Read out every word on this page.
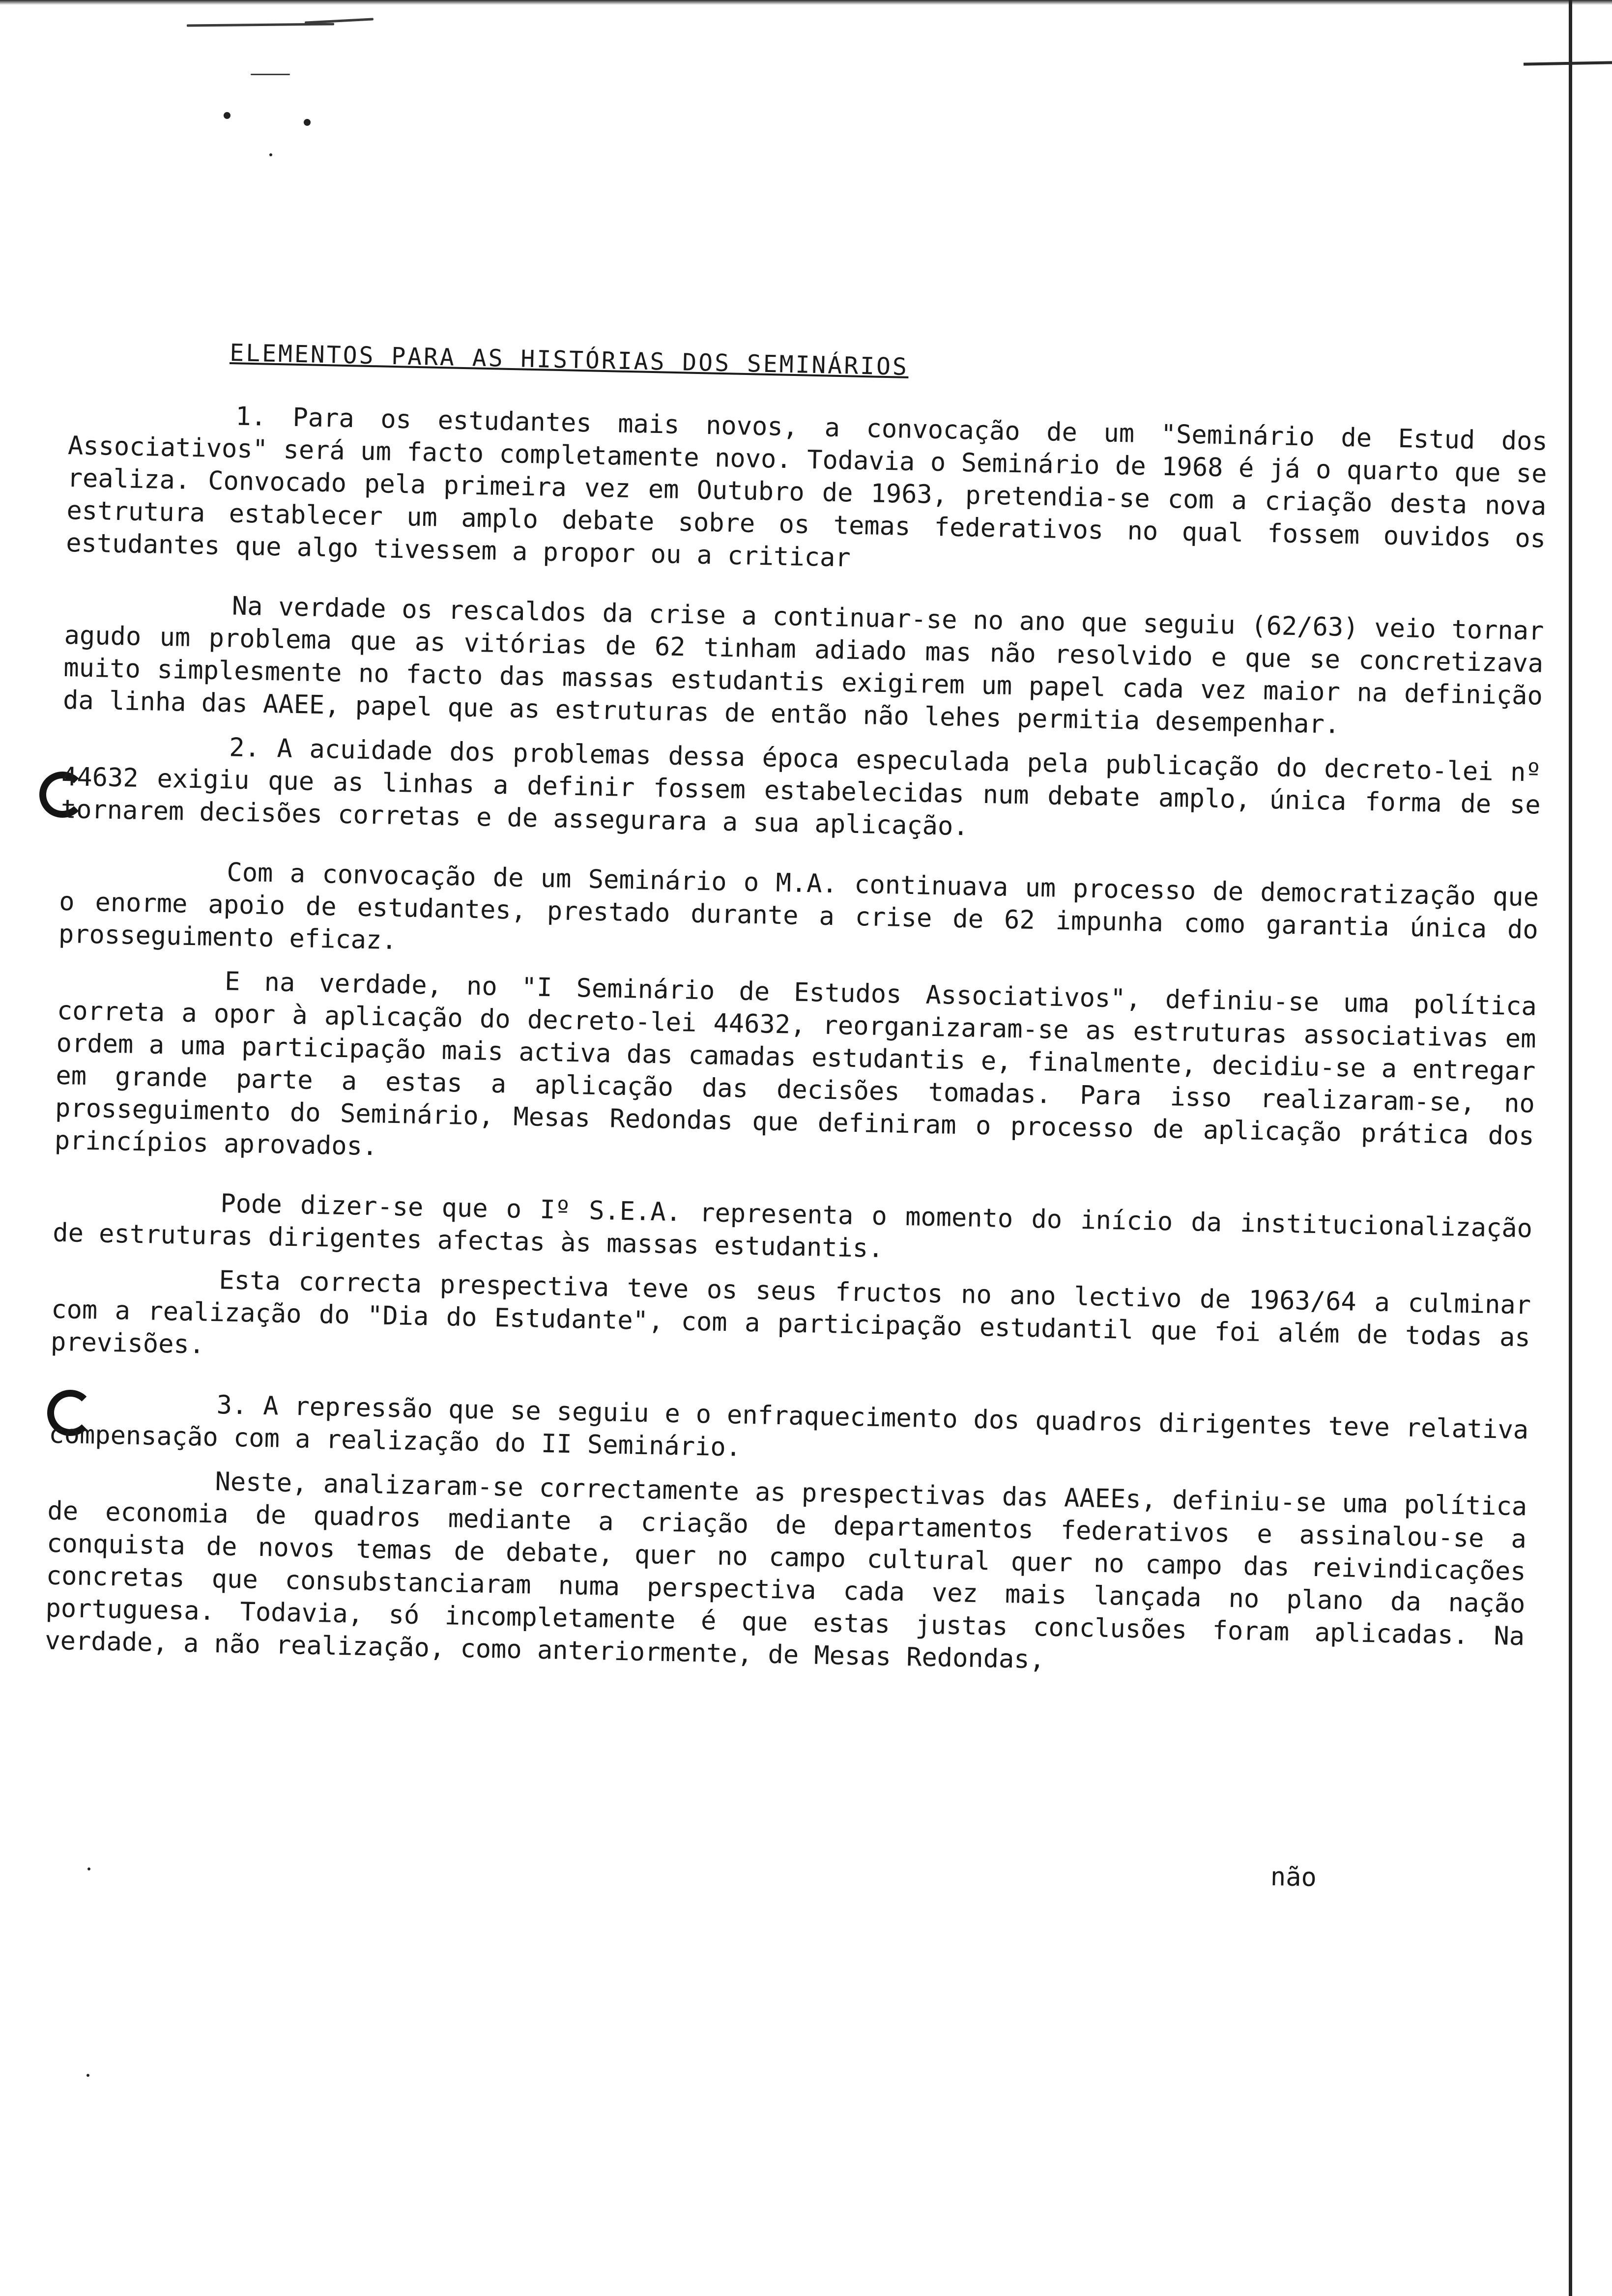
ELEMENTOS PARA AS HISTÓRIAS DOS SEMINÁRIOS

1. Para os estudantes mais novos, a convocação de um "Seminário de Estud dos Associativos" será um facto completamente novo. Todavia o Seminário de 1968 é já o quarto que se realiza. Convocado pela primeira vez em Outubro de 1963, pretendia-se com a criação desta nova estrutura establecer um amplo debate sobre os temas federativos no qual fossem ouvidos os estudantes que algo tivessem a propor ou a criticar

Na verdade os rescaldos da crise a continuar-se no ano que seguiu (62/63) veio tornar agudo um problema que as vitórias de 62 tinham adiado mas não resolvido e que se concretizava muito simplesmente no facto das massas estudantis exigirem um papel cada vez maior na definição da linha das AAEE, papel que as estruturas de então não lehes permitia desempenhar.

2. A acuidade dos problemas dessa época especulada pela publicação do decreto-lei nº 44632 exigiu que as linhas a definir fossem estabelecidas num debate amplo, única forma de se tornarem decisões corretas e de assegurara a sua aplicação.

Com a convocação de um Seminário o M.A. continuava um processo de democratização que o enorme apoio de estudantes, prestado durante a crise de 62 impunha como garantia única do prosseguimento eficaz.

E na verdade, no "I Seminário de Estudos Associativos", definiu-se uma política correta a opor à aplicação do decreto-lei 44632, reorganizaram-se as estruturas associativas em ordem a uma participação mais activa das camadas estudantis e, finalmente, decidiu-se a entregar em grande parte a estas a aplicação das decisões tomadas. Para isso realizaram-se, no prosseguimento do Seminário, Mesas Redondas que definiram o processo de aplicação prática dos princípios aprovados.

Pode dizer-se que o Iº S.E.A. representa o momento do início da institucionalização de estruturas dirigentes afectas às massas estudantis.

Esta correcta prespectiva teve os seus fructos no ano lectivo de 1963/64 a culminar com a realização do "Dia do Estudante", com a participação estudantil que foi além de todas as previsões.

3. A repressão que se seguiu e o enfraquecimento dos quadros dirigentes teve relativa compensação com a realização do II Seminário.

Neste, analizaram-se correctamente as prespectivas das AAEEs, definiu-se uma política de economia de quadros mediante a criação de departamentos federativos e assinalou-se a conquista de novos temas de debate, quer no campo cultural quer no campo das reivindicações concretas que consubstanciaram numa perspectiva cada vez mais lançada no plano da nação portuguesa. Todavia, só incompletamente é que estas justas conclusões foram aplicadas. Na verdade, a não realização, como anteriormente, de Mesas Redondas,

não
